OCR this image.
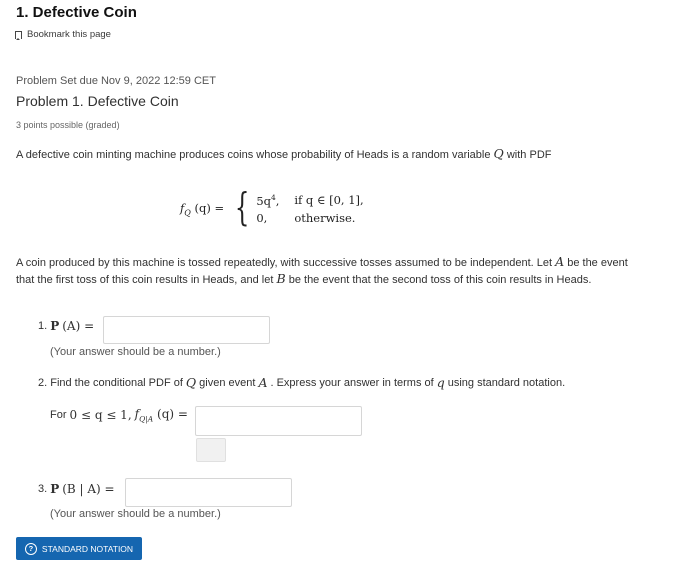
1. Defective Coin
Bookmark this page
Problem Set due Nov 9, 2022 12:59 CET
Problem 1. Defective Coin
3 points possible (graded)
A defective coin minting machine produces coins whose probability of Heads is a random variable Q with PDF
$f_Q$ (q) = { $5q^4$,	if q ∈ [0, 1],
0,	otherwise.
A coin produced by this machine is tossed repeatedly, with successive tosses assumed to be independent. Let A be the event that the first toss of this coin results in Heads, and let B be the event that the second toss of this coin results in Heads.
1. P (A) =
(Your answer should be a number.)
2. Find the conditional PDF of Q given event A . Express your answer in terms of q using standard notation.
For 0 ≤ q ≤ 1, $f_{Q|A}$ (q) =
3. P (B | A) =
(Your answer should be a number.)
?	STANDARD NOTATION
